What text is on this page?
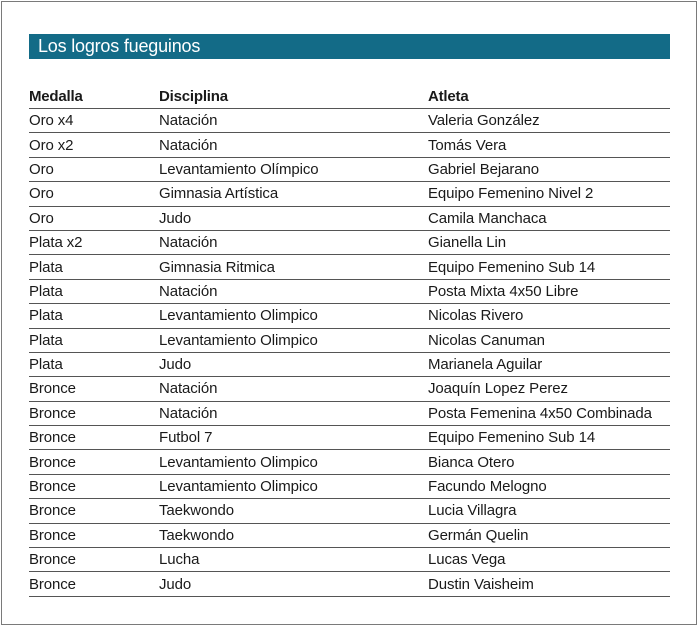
Los logros fueguinos
Medalla	Disciplina	Atleta
Oro x4	Natación	Valeria González
Oro x2	Natación	Tomás Vera
Oro	Levantamiento Olímpico	Gabriel Bejarano
Oro	Gimnasia Artística	Equipo Femenino Nivel 2
Oro	Judo	Camila Manchaca
Plata x2	Natación	Gianella Lin
Plata	Gimnasia Ritmica	Equipo Femenino Sub 14
Plata	Natación	Posta Mixta 4x50 Libre
Plata	Levantamiento Olimpico	Nicolas Rivero
Plata	Levantamiento Olimpico	Nicolas Canuman
Plata	Judo	Marianela Aguilar
Bronce	Natación	Joaquín Lopez Perez
Bronce	Natación	Posta Femenina 4x50 Combinada
Bronce	Futbol 7	Equipo Femenino Sub 14
Bronce	Levantamiento Olimpico	Bianca Otero
Bronce	Levantamiento Olimpico	Facundo Melogno
Bronce	Taekwondo	Lucia Villagra
Bronce	Taekwondo	Germán Quelin
Bronce	Lucha	Lucas Vega
Bronce	Judo	Dustin Vaisheim
